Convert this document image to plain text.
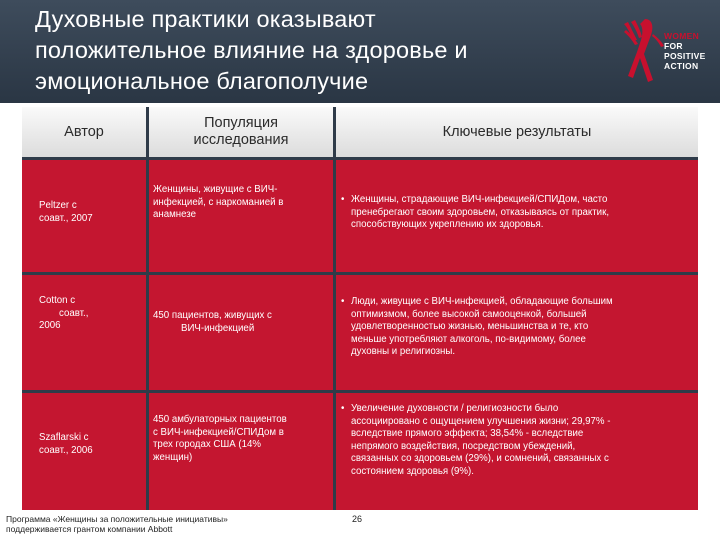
Духовные практики оказывают
положительное влияние на здоровье и
эмоциональное благополучие
WOMEN
FOR
POSITIVE
ACTION
Автор
Популяция
исследования
Ключевые результаты
Peltzer с
соавт., 2007
Женщины, живущие с ВИЧ-
инфекцией, с наркоманией в
анамнезе
• Женщины, страдающие ВИЧ-инфекцией/СПИДом, часто
пренебрегают своим здоровьем, отказываясь от практик,
способствующих укреплению их здоровья.
Cotton с
соавт.,
2006
450 пациентов, живущих с
ВИЧ-инфекцией
• Люди, живущие с ВИЧ-инфекцией, обладающие большим
оптимизмом, более высокой самооценкой, большей
удовлетворенностью жизнью, меньшинства и те, кто
меньше употребляют алкоголь, по-видимому, более
духовны и религиозны.
Szaflarski с
соавт., 2006
450 амбулаторных пациентов
с ВИЧ-инфекцией/СПИДом в
трех городах США (14%
женщин)
• Увеличение духовности / религиозности было
ассоциировано с ощущением улучшения жизни; 29,97% -
вследствие прямого эффекта; 38,54% - вследствие
непрямого воздействия, посредством убеждений,
связанных со здоровьем (29%), и сомнений, связанных с
состоянием здоровья (9%).
Программа «Женщины за положительные инициативы»
поддерживается грантом компании Abbott
26
